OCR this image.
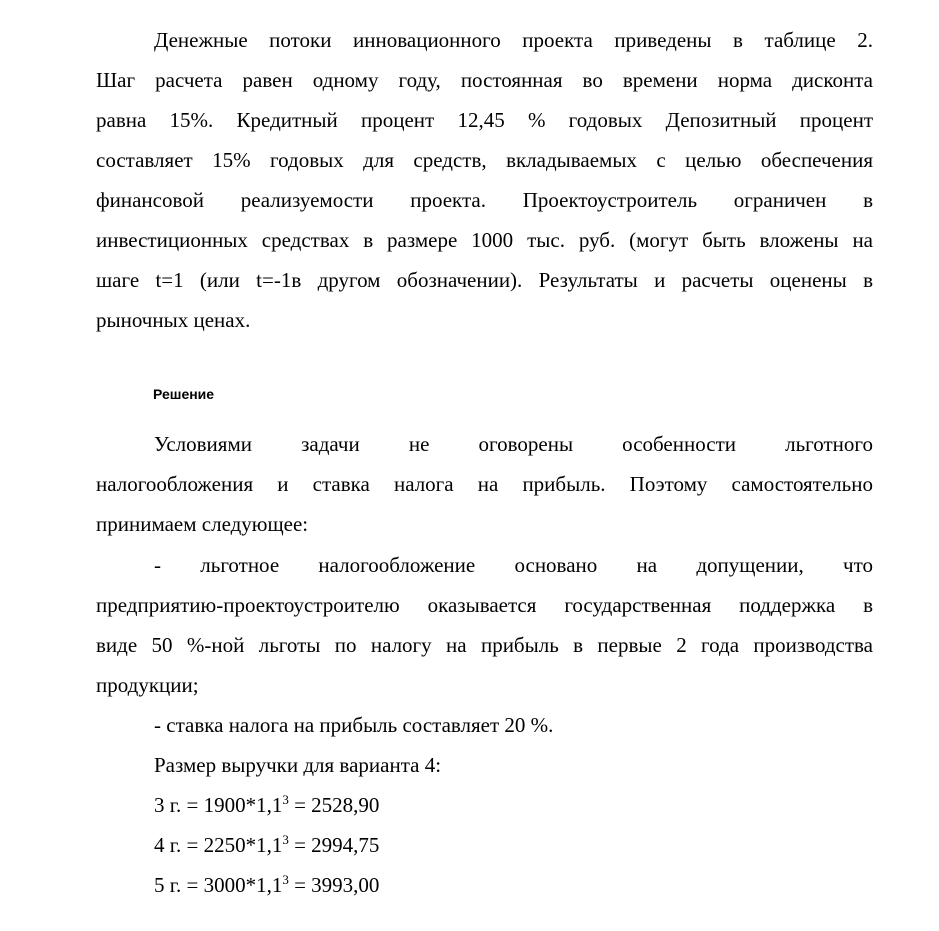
Денежные потоки инновационного проекта приведены в таблице 2.
Шаг расчета равен одному году, постоянная во времени норма дисконта
равна 15%. Кредитный процент 12,45 % годовых Депозитный процент
составляет 15% годовых для средств, вкладываемых с целью обеспечения
финансовой реализуемости проекта. Проектоустроитель ограничен в
инвестиционных средствах в размере 1000 тыс. руб. (могут быть вложены на
шаге t=1 (или t=-1в другом обозначении). Результаты и расчеты оценены в
рыночных ценах.
Решение
Условиями задачи не оговорены особенности льготного
налогообложения и ставка налога на прибыль. Поэтому самостоятельно
принимаем следующее:
- льготное налогообложение основано на допущении, что
предприятию-проектоустроителю оказывается государственная поддержка в
виде 50 %-ной льготы по налогу на прибыль в первые 2 года производства
продукции;
- ставка налога на прибыль составляет 20 %.
Размер выручки для варианта 4:
3 г. = $1900*1,1^3 = 2528,90$
4 г. = $2250*1,1^3 = 2994,75$
5 г. = $3000*1,1^3 = 3993,00$
